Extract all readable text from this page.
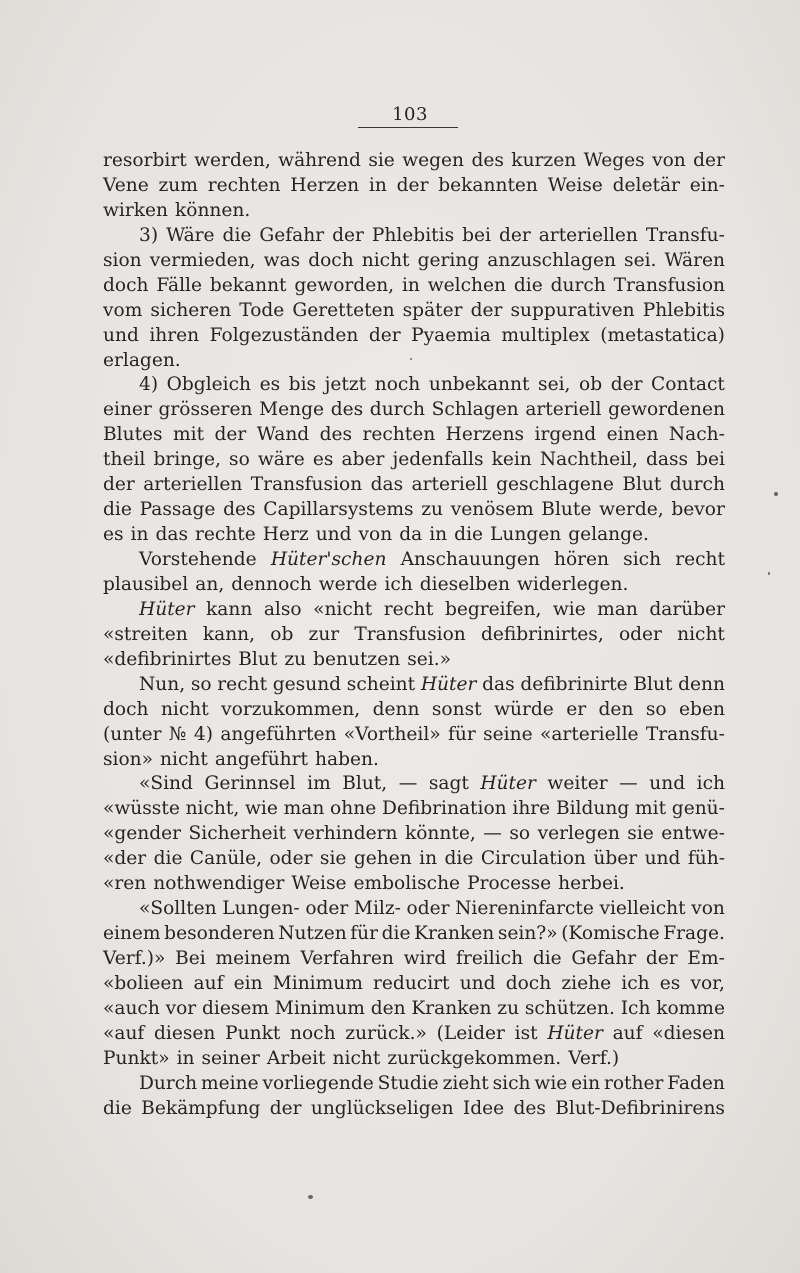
103
resorbirt werden, während sie wegen des kurzen Weges von der
Vene zum rechten Herzen in der bekannten Weise deletär ein-
wirken können.
3) Wäre die Gefahr der Phlebitis bei der arteriellen Transfu-
sion vermieden, was doch nicht gering anzuschlagen sei. Wären
doch Fälle bekannt geworden, in welchen die durch Transfusion
vom sicheren Tode Geretteten später der suppurativen Phlebitis
und ihren Folgezuständen der Pyaemia multiplex (metastatica)
erlagen.
4) Obgleich es bis jetzt noch unbekannt sei, ob der Contact
einer grösseren Menge des durch Schlagen arteriell gewordenen
Blutes mit der Wand des rechten Herzens irgend einen Nach-
theil bringe, so wäre es aber jedenfalls kein Nachtheil, dass bei
der arteriellen Transfusion das arteriell geschlagene Blut durch
die Passage des Capillarsystems zu venösem Blute werde, bevor
es in das rechte Herz und von da in die Lungen gelange.
Vorstehende Hüter'schen Anschauungen hören sich recht
plausibel an, dennoch werde ich dieselben widerlegen.
Hüter kann also «nicht recht begreifen, wie man darüber
«streiten kann, ob zur Transfusion defibrinirtes, oder nicht
«defibrinirtes Blut zu benutzen sei.»
Nun, so recht gesund scheint Hüter das defibrinirte Blut denn
doch nicht vorzukommen, denn sonst würde er den so eben
(unter № 4) angeführten «Vortheil» für seine «arterielle Transfu-
sion» nicht angeführt haben.
«Sind Gerinnsel im Blut, — sagt Hüter weiter — und ich
«wüsste nicht, wie man ohne Defibrination ihre Bildung mit genü-
«gender Sicherheit verhindern könnte, — so verlegen sie entwe-
«der die Canüle, oder sie gehen in die Circulation über und füh-
«ren nothwendiger Weise embolische Processe herbei.
«Sollten Lungen- oder Milz- oder Niereninfarcte vielleicht von
einem besonderen Nutzen für die Kranken sein?» (Komische Frage.
Verf.)» Bei meinem Verfahren wird freilich die Gefahr der Em-
«bolieen auf ein Minimum reducirt und doch ziehe ich es vor,
«auch vor diesem Minimum den Kranken zu schützen. Ich komme
«auf diesen Punkt noch zurück.» (Leider ist Hüter auf «diesen
Punkt» in seiner Arbeit nicht zurückgekommen. Verf.)
Durch meine vorliegende Studie zieht sich wie ein rother Faden
die Bekämpfung der unglückseligen Idee des Blut-Defibrinirens
